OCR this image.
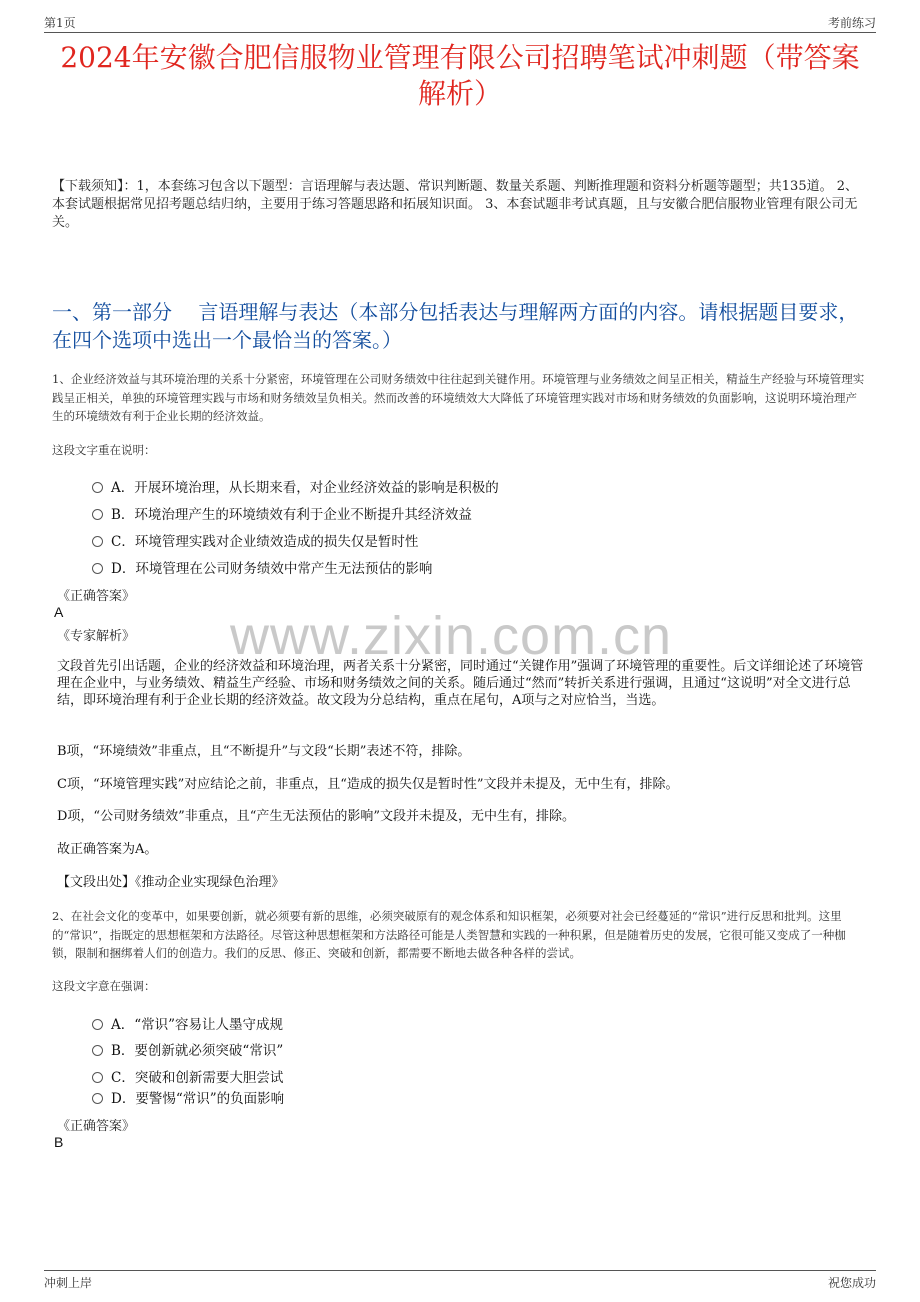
第1页	考前练习
2024年安徽合肥信服物业管理有限公司招聘笔试冲刺题（带答案解析）
【下载须知】：1，本套练习包含以下题型：言语理解与表达题、常识判断题、数量关系题、判断推理题和资料分析题等题型；共135道。 2、本套试题根据常见招考题总结归纳，主要用于练习答题思路和拓展知识面。 3、本套试题非考试真题，且与安徽合肥信服物业管理有限公司无关。
一、第一部分　 言语理解与表达（本部分包括表达与理解两方面的内容。请根据题目要求，在四个选项中选出一个最恰当的答案。）
1、企业经济效益与其环境治理的关系十分紧密，环境管理在公司财务绩效中往往起到关键作用。环境管理与业务绩效之间呈正相关，精益生产经验与环境管理实践呈正相关，单独的环境管理实践与市场和财务绩效呈负相关。然而改善的环境绩效大大降低了环境管理实践对市场和财务绩效的负面影响，这说明环境治理产生的环境绩效有利于企业长期的经济效益。
这段文字重在说明：
A．开展环境治理，从长期来看，对企业经济效益的影响是积极的
B．环境治理产生的环境绩效有利于企业不断提升其经济效益
C．环境管理实践对企业绩效造成的损失仅是暂时性
D．环境管理在公司财务绩效中常产生无法预估的影响
《正确答案》
A
《专家解析》 www.zixin.com.cn
文段首先引出话题，企业的经济效益和环境治理，两者关系十分紧密，同时通过“关键作用”强调了环境管理的重要性。后文详细论述了环境管理在企业中，与业务绩效、精益生产经验、市场和财务绩效之间的关系。随后通过“然而”转折关系进行强调，且通过“这说明”对全文进行总结，即环境治理有利于企业长期的经济效益。故文段为分总结构，重点在尾句，A项与之对应恰当，当选。
B项，“环境绩效”非重点，且“不断提升”与文段“长期”表述不符，排除。
C项，“环境管理实践”对应结论之前，非重点，且“造成的损失仅是暂时性”文段并未提及，无中生有，排除。
D项，“公司财务绩效”非重点，且“产生无法预估的影响”文段并未提及，无中生有，排除。
故正确答案为A。
【文段出处】《推动企业实现绿色治理》
2、在社会文化的变革中，如果要创新，就必须要有新的思维，必须突破原有的观念体系和知识框架，必须要对社会已经蔓延的“常识”进行反思和批判。这里的“常识”，指既定的思想框架和方法路径。尽管这种思想框架和方法路径可能是人类智慧和实践的一种积累，但是随着历史的发展，它很可能又变成了一种枷锁，限制和捆绑着人们的创造力。我们的反思、修正、突破和创新，都需要不断地去做各种各样的尝试。
这段文字意在强调：
A．“常识”容易让人墨守成规
B．要创新就必须突破“常识”
C．突破和创新需要大胆尝试
D．要警惕“常识”的负面影响
《正确答案》
B
冲刺上岸	祝您成功
